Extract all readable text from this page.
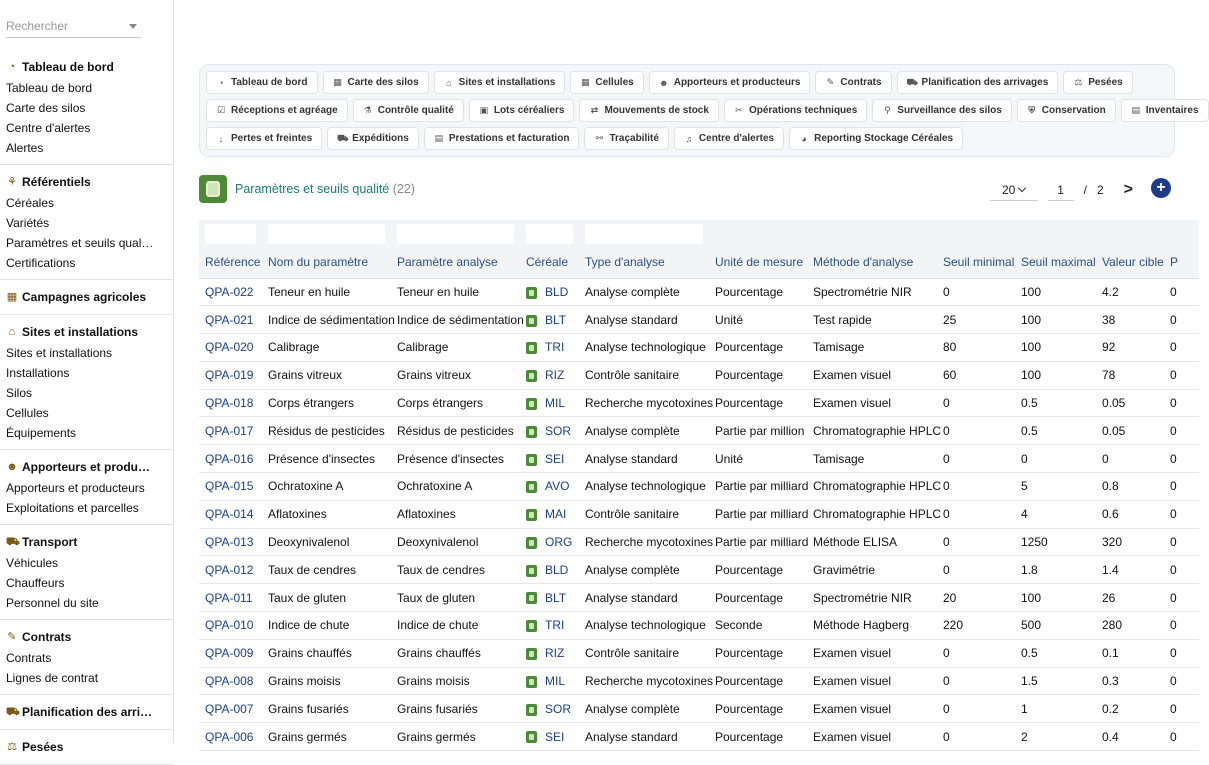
Rechercher
◔ Tableau de bord
Tableau de bord
Carte des silos
Centre d'alertes
Alertes
⚘ Référentiels
Céréales
Variétés
Paramètres et seuils qual…
Certifications
▦ Campagnes agricoles
⌂ Sites et installations
Sites et installations
Installations
Silos
Cellules
Équipements
☻ Apporteurs et produ…
Apporteurs et producteurs
Exploitations et parcelles
⛟ Transport
Véhicules
Chauffeurs
Personnel du site
✎ Contrats
Contrats
Lignes de contrat
⛟ Planification des arri…
⚖ Pesées
◔ Tableau de bord	▦ Carte des silos	⌂ Sites et installations	▦ Cellules	☻ Apporteurs et producteurs	✎ Contrats	⛟ Planification des arrivages	⚖ Pesées
☑ Réceptions et agréage	⚗ Contrôle qualité	▣ Lots céréaliers	⇄ Mouvements de stock	✂ Opérations techniques	⚲ Surveillance des silos	⛨ Conservation	▤ Inventaires
↓ Pertes et freintes	⛟ Expéditions	▤ Prestations et facturation	⚯ Traçabilité	♫ Centre d'alertes	◕ Reporting Stockage Céréales
Paramètres et seuils qualité (22)	20	1	/ 2 >	+

Référence	Nom du paramètre	Paramètre analyse	Céréale	Type d'analyse	Unité de mesure	Méthode d'analyse	Seuil minimal	Seuil maximal	Valeur cible	P
QPA-022	Teneur en huile	Teneur en huile	BLD	Analyse complète	Pourcentage	Spectrométrie NIR	0	100	4.2	0
QPA-021	Indice de sédimentation	Indice de sédimentation	BLT	Analyse standard	Unité	Test rapide	25	100	38	0
QPA-020	Calibrage	Calibrage	TRI	Analyse technologique	Pourcentage	Tamisage	80	100	92	0
QPA-019	Grains vitreux	Grains vitreux	RIZ	Contrôle sanitaire	Pourcentage	Examen visuel	60	100	78	0
QPA-018	Corps étrangers	Corps étrangers	MIL	Recherche mycotoxines	Pourcentage	Examen visuel	0	0.5	0.05	0
QPA-017	Résidus de pesticides	Résidus de pesticides	SOR	Analyse complète	Partie par million	Chromatographie HPLC	0	0.5	0.05	0
QPA-016	Présence d'insectes	Présence d'insectes	SEI	Analyse standard	Unité	Tamisage	0	0	0	0
QPA-015	Ochratoxine A	Ochratoxine A	AVO	Analyse technologique	Partie par milliard	Chromatographie HPLC	0	5	0.8	0
QPA-014	Aflatoxines	Aflatoxines	MAI	Contrôle sanitaire	Partie par milliard	Chromatographie HPLC	0	4	0.6	0
QPA-013	Deoxynivalenol	Deoxynivalenol	ORG	Recherche mycotoxines	Partie par milliard	Méthode ELISA	0	1250	320	0
QPA-012	Taux de cendres	Taux de cendres	BLD	Analyse complète	Pourcentage	Gravimétrie	0	1.8	1.4	0
QPA-011	Taux de gluten	Taux de gluten	BLT	Analyse standard	Pourcentage	Spectrométrie NIR	20	100	26	0
QPA-010	Indice de chute	Indice de chute	TRI	Analyse technologique	Seconde	Méthode Hagberg	220	500	280	0
QPA-009	Grains chauffés	Grains chauffés	RIZ	Contrôle sanitaire	Pourcentage	Examen visuel	0	0.5	0.1	0
QPA-008	Grains moisis	Grains moisis	MIL	Recherche mycotoxines	Pourcentage	Examen visuel	0	1.5	0.3	0
QPA-007	Grains fusariés	Grains fusariés	SOR	Analyse complète	Pourcentage	Examen visuel	0	1	0.2	0
QPA-006	Grains germés	Grains germés	SEI	Analyse standard	Pourcentage	Examen visuel	0	2	0.4	0
